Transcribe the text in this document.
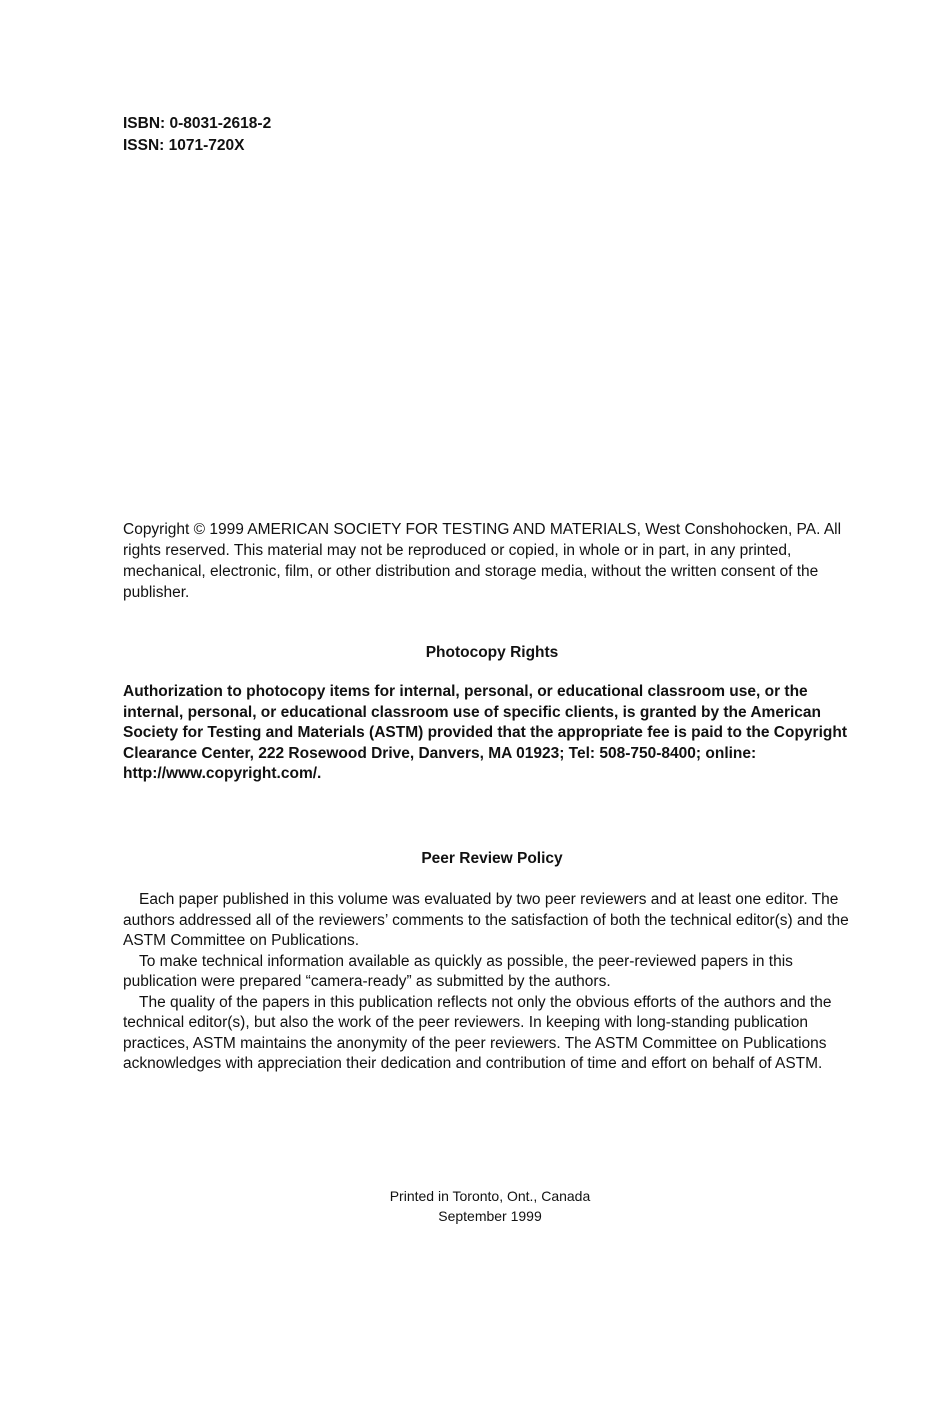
ISBN: 0-8031-2618-2
ISSN: 1071-720X
Copyright © 1999 AMERICAN SOCIETY FOR TESTING AND MATERIALS, West Conshohocken, PA. All rights reserved. This material may not be reproduced or copied, in whole or in part, in any printed, mechanical, electronic, film, or other distribution and storage media, without the written consent of the publisher.
Photocopy Rights
Authorization to photocopy items for internal, personal, or educational classroom use, or the internal, personal, or educational classroom use of specific clients, is granted by the American Society for Testing and Materials (ASTM) provided that the appropriate fee is paid to the Copyright Clearance Center, 222 Rosewood Drive, Danvers, MA 01923; Tel: 508-750-8400; online: http://www.copyright.com/.
Peer Review Policy

Each paper published in this volume was evaluated by two peer reviewers and at least one editor. The authors addressed all of the reviewers’ comments to the satisfaction of both the technical editor(s) and the ASTM Committee on Publications.

To make technical information available as quickly as possible, the peer-reviewed papers in this publication were prepared “camera-ready” as submitted by the authors.

The quality of the papers in this publication reflects not only the obvious efforts of the authors and the technical editor(s), but also the work of the peer reviewers. In keeping with long-standing publication practices, ASTM maintains the anonymity of the peer reviewers. The ASTM Committee on Publications acknowledges with appreciation their dedication and contribution of time and effort on behalf of ASTM.

Printed in Toronto, Ont., Canada
September 1999
